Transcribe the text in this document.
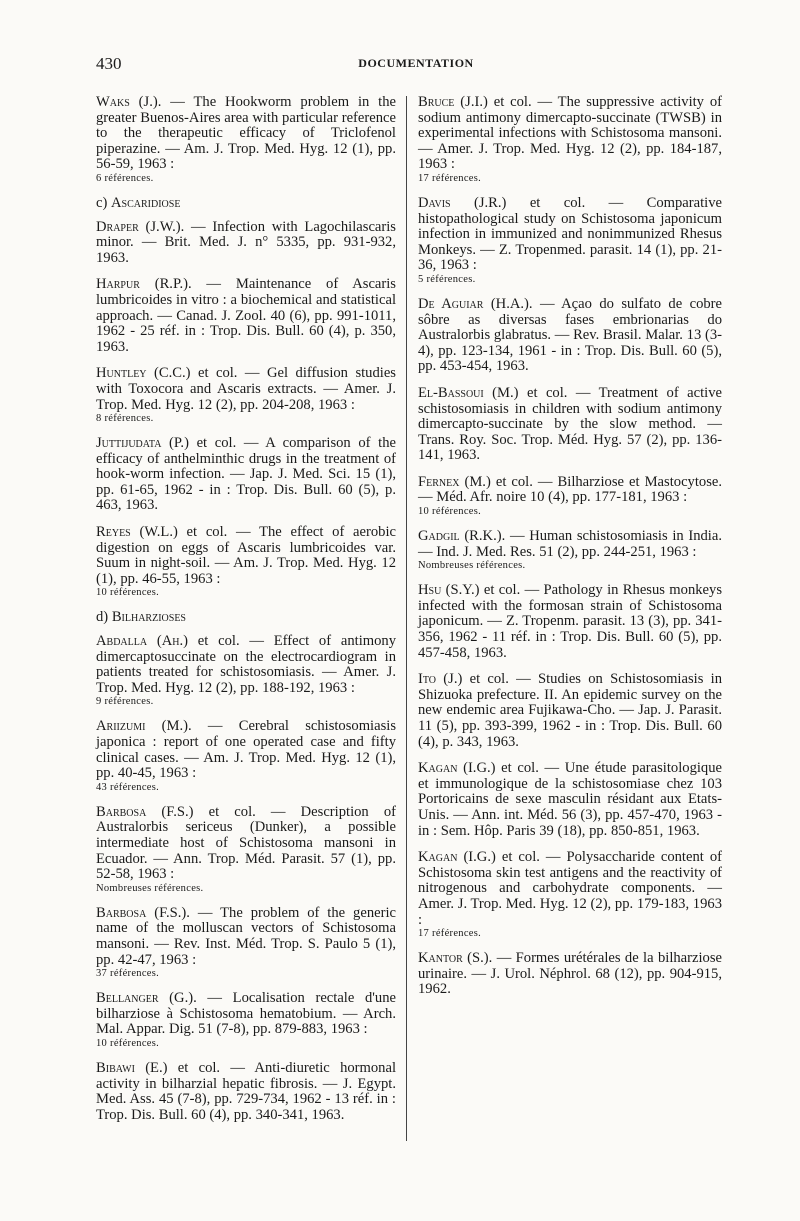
430	DOCUMENTATION
Waks (J.). — The Hookworm problem in the greater Buenos-Aires area with particular reference to the therapeutic efficacy of Triclofenol piperazine. — Am. J. Trop. Med. Hyg. 12 (1), pp. 56-59, 1963 :
6 références.
c) Ascaridiose
Draper (J.W.). — Infection with Lagochilascaris minor. — Brit. Med. J. n° 5335, pp. 931-932, 1963.
Harpur (R.P.). — Maintenance of Ascaris lumbricoides in vitro : a biochemical and statistical approach. — Canad. J. Zool. 40 (6), pp. 991-1011, 1962 - 25 réf. in : Trop. Dis. Bull. 60 (4), p. 350, 1963.
Huntley (C.C.) et col. — Gel diffusion studies with Toxocora and Ascaris extracts. — Amer. J. Trop. Med. Hyg. 12 (2), pp. 204-208, 1963 :
8 références.
Juttijudata (P.) et col. — A comparison of the efficacy of anthelminthic drugs in the treatment of hook-worm infection. — Jap. J. Med. Sci. 15 (1), pp. 61-65, 1962 - in : Trop. Dis. Bull. 60 (5), p. 463, 1963.
Reyes (W.L.) et col. — The effect of aerobic digestion on eggs of Ascaris lumbricoides var. Suum in night-soil. — Am. J. Trop. Med. Hyg. 12 (1), pp. 46-55, 1963 :
10 références.
d) Bilharzioses
Abdalla (Ah.) et col. — Effect of antimony dimercaptosuccinate on the electrocardiogram in patients treated for schistosomiasis. — Amer. J. Trop. Med. Hyg. 12 (2), pp. 188-192, 1963 :
9 références.
Ariizumi (M.). — Cerebral schistosomiasis japonica : report of one operated case and fifty clinical cases. — Am. J. Trop. Med. Hyg. 12 (1), pp. 40-45, 1963 :
43 références.
Barbosa (F.S.) et col. — Description of Australorbis sericeus (Dunker), a possible intermediate host of Schistosoma mansoni in Ecuador. — Ann. Trop. Méd. Parasit. 57 (1), pp. 52-58, 1963 :
Nombreuses références.
Barbosa (F.S.). — The problem of the generic name of the molluscan vectors of Schistosoma mansoni. — Rev. Inst. Méd. Trop. S. Paulo 5 (1), pp. 42-47, 1963 :
37 références.
Bellanger (G.). — Localisation rectale d'une bilharziose à Schistosoma hematobium. — Arch. Mal. Appar. Dig. 51 (7-8), pp. 879-883, 1963 :
10 références.
Bibawi (E.) et col. — Anti-diuretic hormonal activity in bilharzial hepatic fibrosis. — J. Egypt. Med. Ass. 45 (7-8), pp. 729-734, 1962 - 13 réf. in : Trop. Dis. Bull. 60 (4), pp. 340-341, 1963.
Bruce (J.I.) et col. — The suppressive activity of sodium antimony dimercapto-succinate (TWSB) in experimental infections with Schistosoma mansoni. — Amer. J. Trop. Med. Hyg. 12 (2), pp. 184-187, 1963 :
17 références.
Davis (J.R.) et col. — Comparative histopathological study on Schistosoma japonicum infection in immunized and nonimmunized Rhesus Monkeys. — Z. Tropenmed. parasit. 14 (1), pp. 21-36, 1963 :
5 références.
De Aguiar (H.A.). — Açao do sulfato de cobre sôbre as diversas fases embrionarias do Australorbis glabratus. — Rev. Brasil. Malar. 13 (3-4), pp. 123-134, 1961 - in : Trop. Dis. Bull. 60 (5), pp. 453-454, 1963.
El-Bassoui (M.) et col. — Treatment of active schistosomiasis in children with sodium antimony dimercapto-succinate by the slow method. — Trans. Roy. Soc. Trop. Méd. Hyg. 57 (2), pp. 136-141, 1963.
Fernex (M.) et col. — Bilharziose et Mastocytose. — Méd. Afr. noire 10 (4), pp. 177-181, 1963 :
10 références.
Gadgil (R.K.). — Human schistosomiasis in India. — Ind. J. Med. Res. 51 (2), pp. 244-251, 1963 :
Nombreuses références.
Hsu (S.Y.) et col. — Pathology in Rhesus monkeys infected with the formosan strain of Schistosoma japonicum. — Z. Tropenm. parasit. 13 (3), pp. 341-356, 1962 - 11 réf. in : Trop. Dis. Bull. 60 (5), pp. 457-458, 1963.
Ito (J.) et col. — Studies on Schistosomiasis in Shizuoka prefecture. II. An epidemic survey on the new endemic area Fujikawa-Cho. — Jap. J. Parasit. 11 (5), pp. 393-399, 1962 - in : Trop. Dis. Bull. 60 (4), p. 343, 1963.
Kagan (I.G.) et col. — Une étude parasitologique et immunologique de la schistosomiase chez 103 Portoricains de sexe masculin résidant aux Etats-Unis. — Ann. int. Méd. 56 (3), pp. 457-470, 1963 - in : Sem. Hôp. Paris 39 (18), pp. 850-851, 1963.
Kagan (I.G.) et col. — Polysaccharide content of Schistosoma skin test antigens and the reactivity of nitrogenous and carbohydrate components. — Amer. J. Trop. Med. Hyg. 12 (2), pp. 179-183, 1963 :
17 références.
Kantor (S.). — Formes urétérales de la bilharziose urinaire. — J. Urol. Néphrol. 68 (12), pp. 904-915, 1962.
